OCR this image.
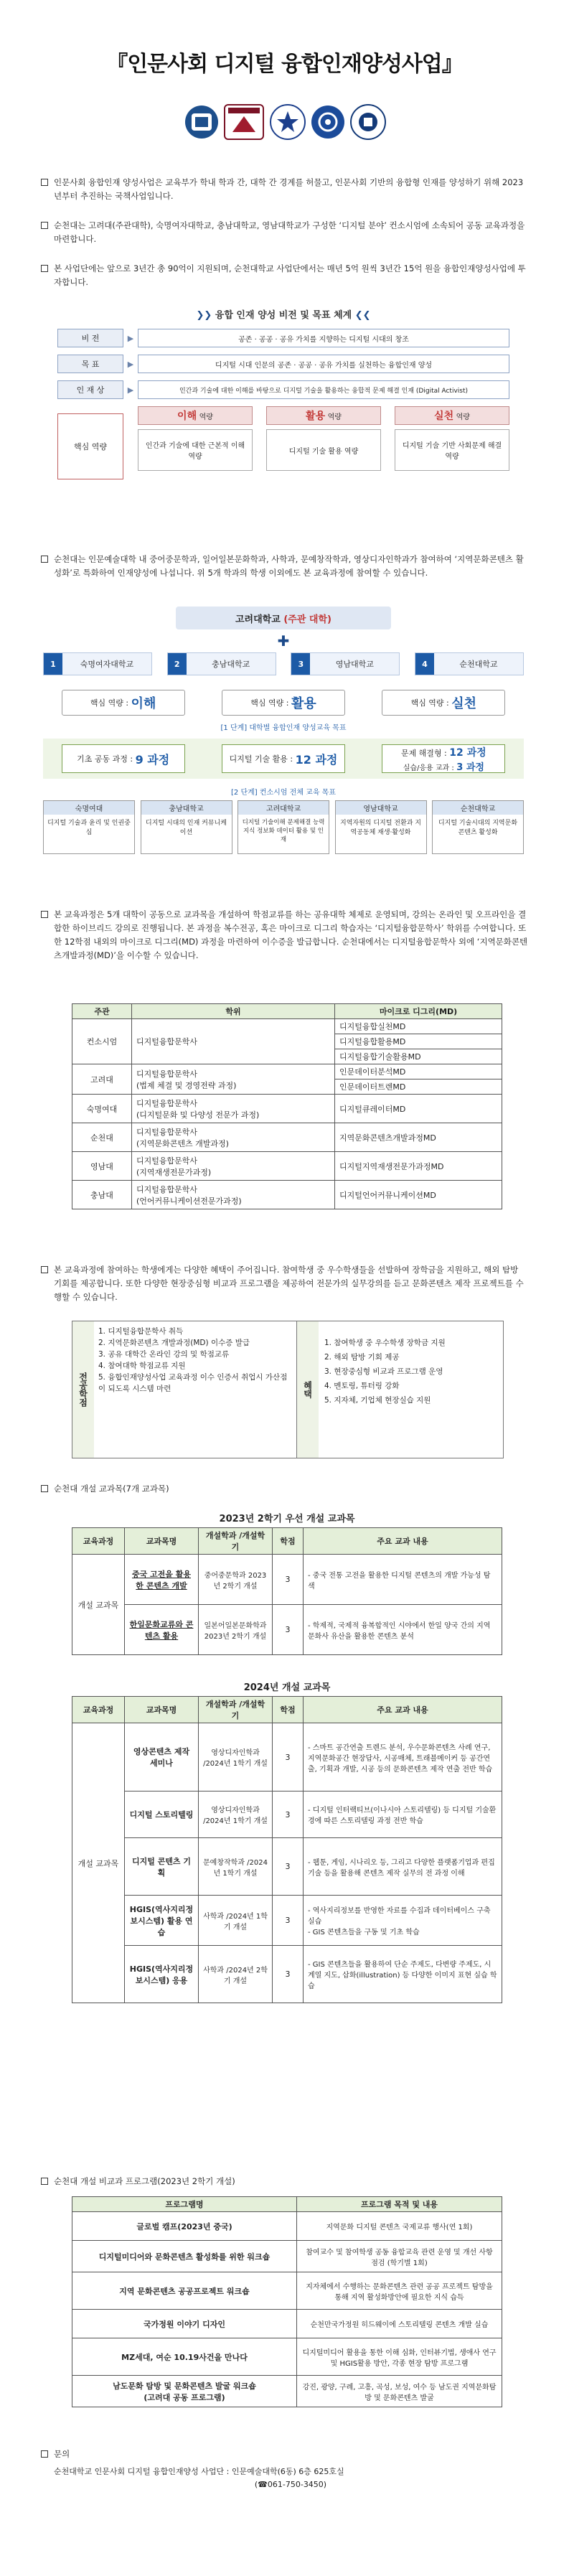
『인문사회 디지털 융합인재양성사업』
인문사회 융합인재 양성사업은 교육부가 학내 학과 간, 대학 간 경계를 허물고, 인문사회 기반의 융합형 인재를 양성하기 위해 2023년부터 추진하는 국책사업입니다.
순천대는 고려대(주관대학), 숙명여자대학교, 충남대학교, 영남대학교가 구성한 ‘디지털 분야’ 컨소시엄에 소속되어 공동 교육과정을 마련합니다.
본 사업단에는 앞으로 3년간 총 90억이 지원되며, 순천대학교 사업단에서는 매년 5억 원씩 3년간 15억 원을 융합인재양성사업에 투자합니다.
❯❯ 융합 인재 양성 비전 및 목표 체계 ❮❮
비 전	▶	공존 · 공공 · 공유 가치를 지향하는 디지털 시대의 창조
목 표	▶	디지털 시대 인문의 공존 · 공공 · 공유 가치를 실천하는 융합인재 양성
인 재 상	▶	인간과 기술에 대한 이해를 바탕으로 디지털 기술을 활용하는 융합적 문제 해결 인재 (Digital Activist)
핵심 역량
이해
역량
인간과 기술에 대한 근본적 이해 역량
활용
역량
디지털 기술 활용 역량
실천
역량
디지털 기술 기반 사회문제 해결 역량
순천대는 인문예술대학 내 중어중문학과, 일어일본문화학과, 사학과, 문예창작학과, 영상디자인학과가 참여하여 ‘지역문화콘텐츠 활성화’로 특화하여 인재양성에 나섭니다. 위 5개 학과의 학생 이외에도 본 교육과정에 참여할 수 있습니다.
고려대학교
(주관 대학)
✚
1	숙명여자대학교	2	충남대학교	3	영남대학교	4	순천대학교
핵심 역량 :
이해	핵심 역량 :
활용	핵심 역량 :
실천
[1 단계] 대학별 융합인재 양성교육 목표
기초 공동 과정 :
9 과정	디지털 기술 활용 :
12 과정	문제 해결형 : 12 과정
실습/응용 교과 : 3 과정
[2 단계] 컨소시엄 전체 교육 목표
숙명여대
디지털 기술과 윤리 및 인권중심
충남대학교
디지털 시대의 인재 커뮤니케이션
고려대학교
디지털 기술이해 문제해결 능력 지식 정보화 데이터 활용 및 인재
영남대학교
지역자원의 디지털 전환과 지역공동체 재생·활성화
순천대학교
디지털 기술시대의 지역문화 콘텐츠 활성화
본 교육과정은 5개 대학이 공동으로 교과목을 개설하여 학점교류를 하는 공유대학 체제로 운영되며, 강의는 온라인 및 오프라인을 결합한 하이브리드 강의로 진행됩니다. 본 과정을 복수전공, 혹은 마이크로 디그리 학습자는 ‘디지털융합문학사’ 학위를 수여합니다. 또한 12학점 내외의 마이크로 디그리(MD) 과정을 마련하여 이수증을 발급합니다. 순천대에서는 디지털융합문학사 외에 ‘지역문화콘텐츠개발과정(MD)’을 이수할 수 있습니다.
주관	학위	마이크로 디그리(MD)
컨소시엄	디지털융합문학사	디지털융합실천MD
		디지털융합활용MD
		디지털융합기술활용MD
고려대	디지털융합문학사
(법제 체결 및 경영전략 과정)	인문데이터분석MD
		인문데이터트렌MD
숙명여대	디지털융합문학사
(디지털문화 및 다양성 전문가 과정)	디지털큐레이터MD
순천대	디지털융합문학사
(지역문화콘텐츠 개발과정)	지역문화콘텐츠개발과정MD
영남대	디지털융합문학사
(지역재생전문가과정)	디지털지역재생전문가과정MD
충남대	디지털융합문학사
(언어커뮤니케이션전문가과정)	디지털언어커뮤니케이션MD
본 교육과정에 참여하는 학생에게는 다양한 혜택이 주어집니다. 참여학생 중 우수학생들을 선발하여 장학금을 지원하고, 해외 탐방 기회를 제공합니다. 또한 다양한 현장중심형 비교과 프로그램을 제공하여 전문가의 실무강의를 듣고 문화콘텐츠 제작 프로젝트를 수행할 수 있습니다.
전공학점
1. 디지털융합문학사 취득
2. 지역문화콘텐츠 개발과정(MD) 이수증 발급
3. 공유 대학간 온라인 강의 및 학점교류
4. 참여대학 학점교류 지원
5. 융합인재양성사업 교육과정 이수 인증서 취업시 가산점이 되도록 시스템 마련	혜택
1. 참여학생 중 우수학생 장학금 지원
2. 해외 탐방 기회 제공
3. 현장중심형 비교과 프로그램 운영
4. 멘토링, 튜터링 강화
5. 지자체, 기업체 현장실습 지원
순천대 개설 교과목(7개 교과목)
2023년 2학기 우선 개설 교과목
교육과정	교과목명	개설학과 /개설학기	학점	주요 교과 내용
개설 교과목	중국 고전을 활용한 콘텐츠 개발	중어중문학과 2023년 2학기 개설	3	- 중국 전통 고전을 활용한 디지털 콘텐츠의 개발 가능성 탐색
	한일문화교류와 콘텐츠 활용	일본어일본문화학과 2023년 2학기 개설	3	- 학제적, 국제적 융복합적인 시야에서 한일 양국 간의 지역문화사 유산을 활용한 콘텐츠 분석
2024년 개설 교과목
교육과정	교과목명	개설학과 /개설학기	학점	주요 교과 내용
개설 교과목	영상콘텐츠 제작 세미나	영상디자인학과 /2024년 1학기 개설	3	- 스마트 공간연출 트렌드 분석, 우수문화콘텐츠 사례 연구, 지역문화공간 현장답사, 시공매체, 트래블메이커 등 공간연출, 기획과 개발, 시공 등의 문화콘텐츠 제작 연출 전반 학습
	디지털 스토리텔링	영상디자인학과 /2024년 1학기 개설	3	- 디지털 인터랙티브(이나시아 스토리텔링) 등 디지털 기술환경에 따른 스토리텔링 과정 전반 학습
	디지털 콘텐츠 기획	문예창작학과 /2024년 1학기 개설	3	- 웹툰, 게임, 시나리오 등, 그리고 다양한 플랫폼기업과 편집기술 등을 활용해 콘텐츠 제작 실무의 전 과정 이해
	HGIS(역사지리정보시스템) 활용 연습	사학과 /2024년 1학기 개설	3	- 역사지리정보를 반영한 자료를 수집과 데이터베이스 구축 실습
- GIS 콘텐츠들을 구동 및 기초 학습
	HGIS(역사지리정보시스템) 응용	사학과 /2024년 2학기 개설	3	- GIS 콘텐츠들을 활용하여 단순 주제도, 다변량 주제도, 시계열 지도, 삽화(illustration) 등 다양한 이미지 표현 실습 학습
순천대 개설 비교과 프로그램(2023년 2학기 개설)
프로그램명	프로그램 목적 및 내용
글로벌 캠프(2023년 중국)	지역문화 디지털 콘텐츠 국제교류 행사(연 1회)
디지털미디어와 문화콘텐츠 활성화를 위한 워크숍	참여교수 및 참여학생 공동 융합교육 관련 운영 및 개선 사항 점검 (학기별 1회)
지역 문화콘텐츠 공공프로젝트 워크숍	지자체에서 수행하는 문화콘텐츠 관련 공공 프로젝트 탐방을 통해 지역 활성화방안에 필요한 지식 습득
국가정원 이야기 디자인	순천만국가정원 히드웨이에 스토리텔링 콘텐츠 개발 실습
MZ세대, 여순 10.19사건을 만나다	디지털미디어 활용을 통한 이해 심화, 인터뷰기법, 생애사 연구 및 HGIS활용 방안, 각종 현장 탐방 프로그램
남도문화 탐방 및 문화콘텐츠 발굴 워크숍
(고려대 공동 프로그램)	강진, 광양, 구례, 고흥, 곡성, 보성, 여수 등 남도권 지역문화탐방 및 문화콘텐츠 발굴
문의
순천대학교 인문사회 디지털 융합인재양성 사업단 : 인문예술대학(6동) 6층 625호실
(☎061-750-3450)
